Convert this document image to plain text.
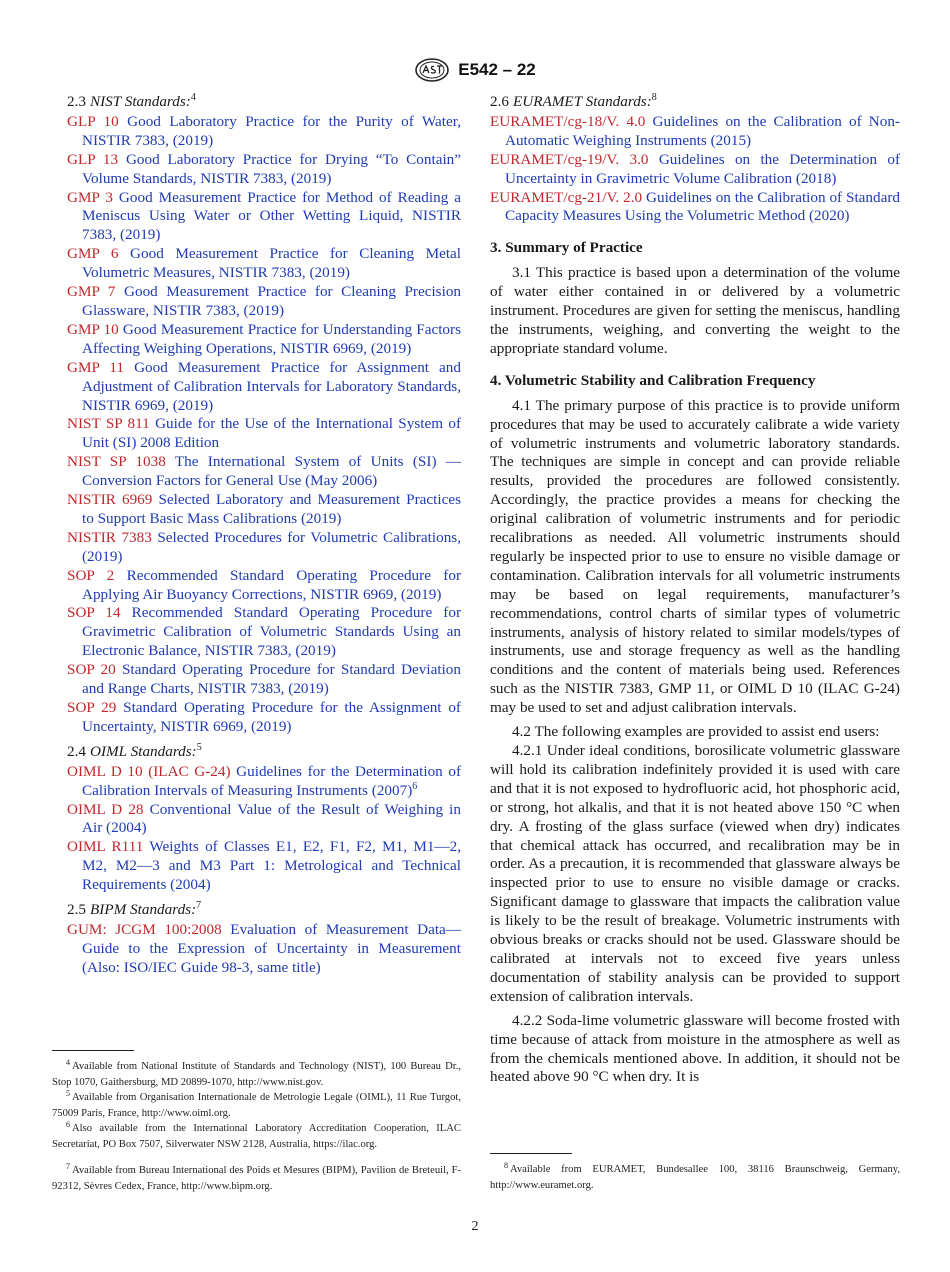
E542 – 22

2.3 NIST Standards:$^4$

GLP 10 Good Laboratory Practice for the Purity of Water, NISTIR 7383, (2019)

GLP 13 Good Laboratory Practice for Drying “To Contain” Volume Standards, NISTIR 7383, (2019)

GMP 3 Good Measurement Practice for Method of Reading a Meniscus Using Water or Other Wetting Liquid, NISTIR 7383, (2019)

GMP 6 Good Measurement Practice for Cleaning Metal Volumetric Measures, NISTIR 7383, (2019)

GMP 7 Good Measurement Practice for Cleaning Precision Glassware, NISTIR 7383, (2019)

GMP 10 Good Measurement Practice for Understanding Factors Affecting Weighing Operations, NISTIR 6969, (2019)

GMP 11 Good Measurement Practice for Assignment and Adjustment of Calibration Intervals for Laboratory Standards, NISTIR 6969, (2019)

NIST SP 811 Guide for the Use of the International System of Unit (SI) 2008 Edition

NIST SP 1038 The International System of Units (SI) — Conversion Factors for General Use (May 2006)

NISTIR 6969 Selected Laboratory and Measurement Practices to Support Basic Mass Calibrations (2019)

NISTIR 7383 Selected Procedures for Volumetric Calibrations, (2019)

SOP 2 Recommended Standard Operating Procedure for Applying Air Buoyancy Corrections, NISTIR 6969, (2019)

SOP 14 Recommended Standard Operating Procedure for Gravimetric Calibration of Volumetric Standards Using an Electronic Balance, NISTIR 7383, (2019)

SOP 20 Standard Operating Procedure for Standard Deviation and Range Charts, NISTIR 7383, (2019)

SOP 29 Standard Operating Procedure for the Assignment of Uncertainty, NISTIR 6969, (2019)

2.4 OIML Standards:$^5$

OIML D 10 (ILAC G-24) Guidelines for the Determination of Calibration Intervals of Measuring Instruments $(2007)^6$

OIML D 28 Conventional Value of the Result of Weighing in Air (2004)

OIML R111 Weights of Classes E1, E2, F1, F2, M1, M1—2, M2, M2—3 and M3 Part 1: Metrological and Technical Requirements (2004)

2.5 BIPM Standards:$^7$

GUM: JCGM 100:2008 Evaluation of Measurement Data—Guide to the Expression of Uncertainty in Measurement (Also: ISO/IEC Guide 98-3, same title)

$^4$ Available from National Institute of Standards and Technology (NIST), 100 Bureau Dr., Stop 1070, Gaithersburg, MD 20899-1070, http://www.nist.gov.

$^5$ Available from Organisation Internationale de Metrologie Legale (OIML), 11 Rue Turgot, 75009 Paris, France, http://www.oiml.org.

$^6$ Also available from the International Laboratory Accreditation Cooperation, ILAC Secretariat, PO Box 7507, Silverwater NSW 2128, Australia, https://ilac.org.

$^7$ Available from Bureau International des Poids et Mesures (BIPM), Pavilion de Breteuil, F-92312, Sèvres Cedex, France, http://www.bipm.org.

2.6 EURAMET Standards:$^8$

EURAMET/cg-18/V. 4.0 Guidelines on the Calibration of Non-Automatic Weighing Instruments (2015)

EURAMET/cg-19/V. 3.0 Guidelines on the Determination of Uncertainty in Gravimetric Volume Calibration (2018)

EURAMET/cg-21/V. 2.0 Guidelines on the Calibration of Standard Capacity Measures Using the Volumetric Method (2020)

3. Summary of Practice

3.1 This practice is based upon a determination of the volume of water either contained in or delivered by a volumetric instrument. Procedures are given for setting the meniscus, handling the instruments, weighing, and converting the weight to the appropriate standard volume.

4. Volumetric Stability and Calibration Frequency

4.1 The primary purpose of this practice is to provide uniform procedures that may be used to accurately calibrate a wide variety of volumetric instruments and volumetric laboratory standards. The techniques are simple in concept and can provide reliable results, provided the procedures are followed consistently. Accordingly, the practice provides a means for checking the original calibration of volumetric instruments and for periodic recalibrations as needed. All volumetric instruments should regularly be inspected prior to use to ensure no visible damage or contamination. Calibration intervals for all volumetric instruments may be based on legal requirements, manufacturer’s recommendations, control charts of similar types of volumetric instruments, analysis of history related to similar models/types of instruments, use and storage frequency as well as the handling conditions and the content of materials being used. References such as the NISTIR 7383, GMP 11, or OIML D 10 (ILAC G-24) may be used to set and adjust calibration intervals.

4.2 The following examples are provided to assist end users:

4.2.1 Under ideal conditions, borosilicate volumetric glassware will hold its calibration indefinitely provided it is used with care and that it is not exposed to hydrofluoric acid, hot phosphoric acid, or strong, hot alkalis, and that it is not heated above 150 °C when dry. A frosting of the glass surface (viewed when dry) indicates that chemical attack has occurred, and recalibration may be in order. As a precaution, it is recommended that glassware always be inspected prior to use to ensure no visible damage or cracks. Significant damage to glassware that impacts the calibration value is likely to be the result of breakage. Volumetric instruments with obvious breaks or cracks should not be used. Glassware should be calibrated at intervals not to exceed five years unless documentation of stability analysis can be provided to support extension of calibration intervals.

4.2.2 Soda-lime volumetric glassware will become frosted with time because of attack from moisture in the atmosphere as well as from the chemicals mentioned above. In addition, it should not be heated above 90 °C when dry. It is

$^8$ Available from EURAMET, Bundesallee 100, 38116 Braunschweig, Germany, http://www.euramet.org.

2
